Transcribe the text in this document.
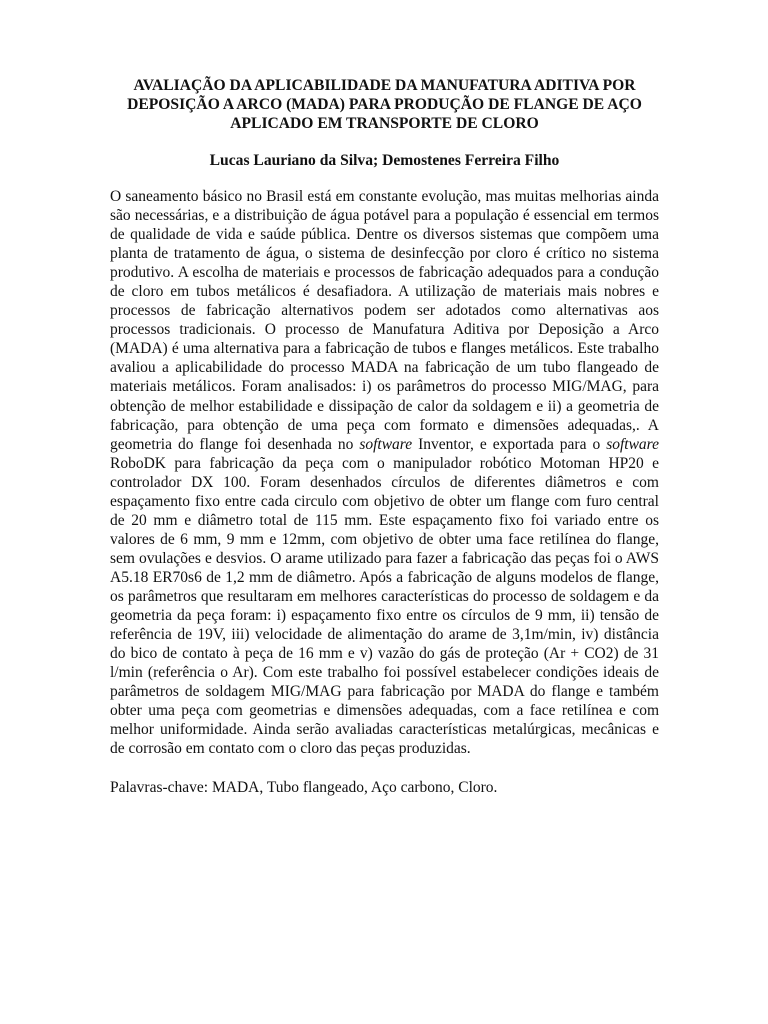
AVALIAÇÃO DA APLICABILIDADE DA MANUFATURA ADITIVA POR
DEPOSIÇÃO A ARCO (MADA) PARA PRODUÇÃO DE FLANGE DE AÇO
APLICADO EM TRANSPORTE DE CLORO

Lucas Lauriano da Silva; Demostenes Ferreira Filho

O saneamento básico no Brasil está em constante evolução, mas muitas melhorias ainda são necessárias, e a distribuição de água potável para a população é essencial em termos de qualidade de vida e saúde pública. Dentre os diversos sistemas que compõem uma planta de tratamento de água, o sistema de desinfecção por cloro é crítico no sistema produtivo. A escolha de materiais e processos de fabricação adequados para a condução de cloro em tubos metálicos é desafiadora. A utilização de materiais mais nobres e processos de fabricação alternativos podem ser adotados como alternativas aos processos tradicionais. O processo de Manufatura Aditiva por Deposição a Arco (MADA) é uma alternativa para a fabricação de tubos e flanges metálicos. Este trabalho avaliou a aplicabilidade do processo MADA na fabricação de um tubo flangeado de materiais metálicos. Foram analisados: i) os parâmetros do processo MIG/MAG, para obtenção de melhor estabilidade e dissipação de calor da soldagem e ii) a geometria de fabricação, para obtenção de uma peça com formato e dimensões adequadas,. A geometria do flange foi desenhada no software Inventor, e exportada para o software RoboDK para fabricação da peça com o manipulador robótico Motoman HP20 e controlador DX 100. Foram desenhados círculos de diferentes diâmetros e com espaçamento fixo entre cada circulo com objetivo de obter um flange com furo central de 20 mm e diâmetro total de 115 mm. Este espaçamento fixo foi variado entre os valores de 6 mm, 9 mm e 12mm, com objetivo de obter uma face retilínea do flange, sem ovulações e desvios. O arame utilizado para fazer a fabricação das peças foi o AWS A5.18 ER70s6 de 1,2 mm de diâmetro. Após a fabricação de alguns modelos de flange, os parâmetros que resultaram em melhores características do processo de soldagem e da geometria da peça foram: i) espaçamento fixo entre os círculos de 9 mm, ii) tensão de referência de 19V, iii) velocidade de alimentação do arame de 3,1m/min, iv) distância do bico de contato à peça de 16 mm e v) vazão do gás de proteção (Ar + CO2) de 31 l/min (referência o Ar). Com este trabalho foi possível estabelecer condições ideais de parâmetros de soldagem MIG/MAG para fabricação por MADA do flange e também obter uma peça com geometrias e dimensões adequadas, com a face retilínea e com melhor uniformidade. Ainda serão avaliadas características metalúrgicas, mecânicas e de corrosão em contato com o cloro das peças produzidas.

Palavras-chave: MADA, Tubo flangeado, Aço carbono, Cloro.
